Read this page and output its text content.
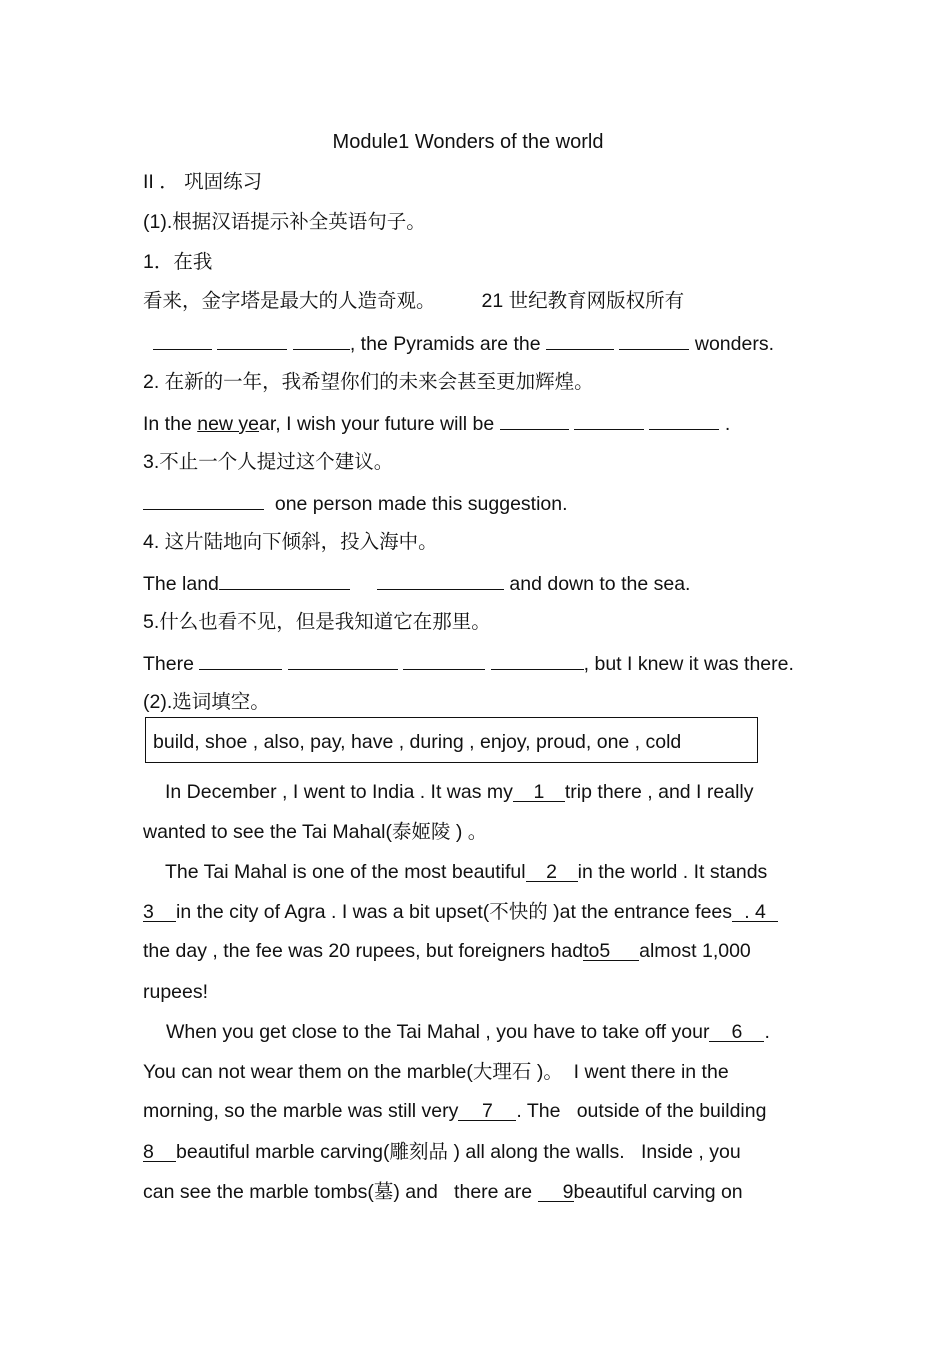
Module1 Wonders of the world
II ． 巩固练习
(1).根据汉语提示补全英语句子。
1．在我
看来，金字塔是最大的人造奇观。 21 世纪教育网版权所有
, the Pyramids are the	wonders.
2. 在新的一年，我希望你们的未来会甚至更加辉煌。
In the new year, I wish your future will be	.
3.不止一个人提过这个建议。
one person made this suggestion.
4. 这片陆地向下倾斜，投入海中。
The land	and down to the sea.
5.什么也看不见，但是我知道它在那里。
There	, but I knew it was there.
(2).选词填空。
build, shoe , also, pay, have , during , enjoy, proud, one , cold
In December , I went to India . It was my 1 trip there , and I really
wanted to see the Tai Mahal(泰姬陵 ) 。
The Tai Mahal is one of the most beautiful 2 in the world . It stands
3 in the city of Agra . I was a bit upset(不快的 )at the entrance fees . 4
the day , the fee was 20 rupees, but foreigners hadto5 almost 1,000
rupees!
When you get close to the Tai Mahal , you have to take off your 6 .
You can not wear them on the marble(大理石 )。  I went there in the
morning, so the marble was still very 7 . The   outside of the building
8 beautiful marble carving(雕刻品 ) all along the walls.   Inside , you
can see the marble tombs(墓) and   there are 9beautiful carving on
